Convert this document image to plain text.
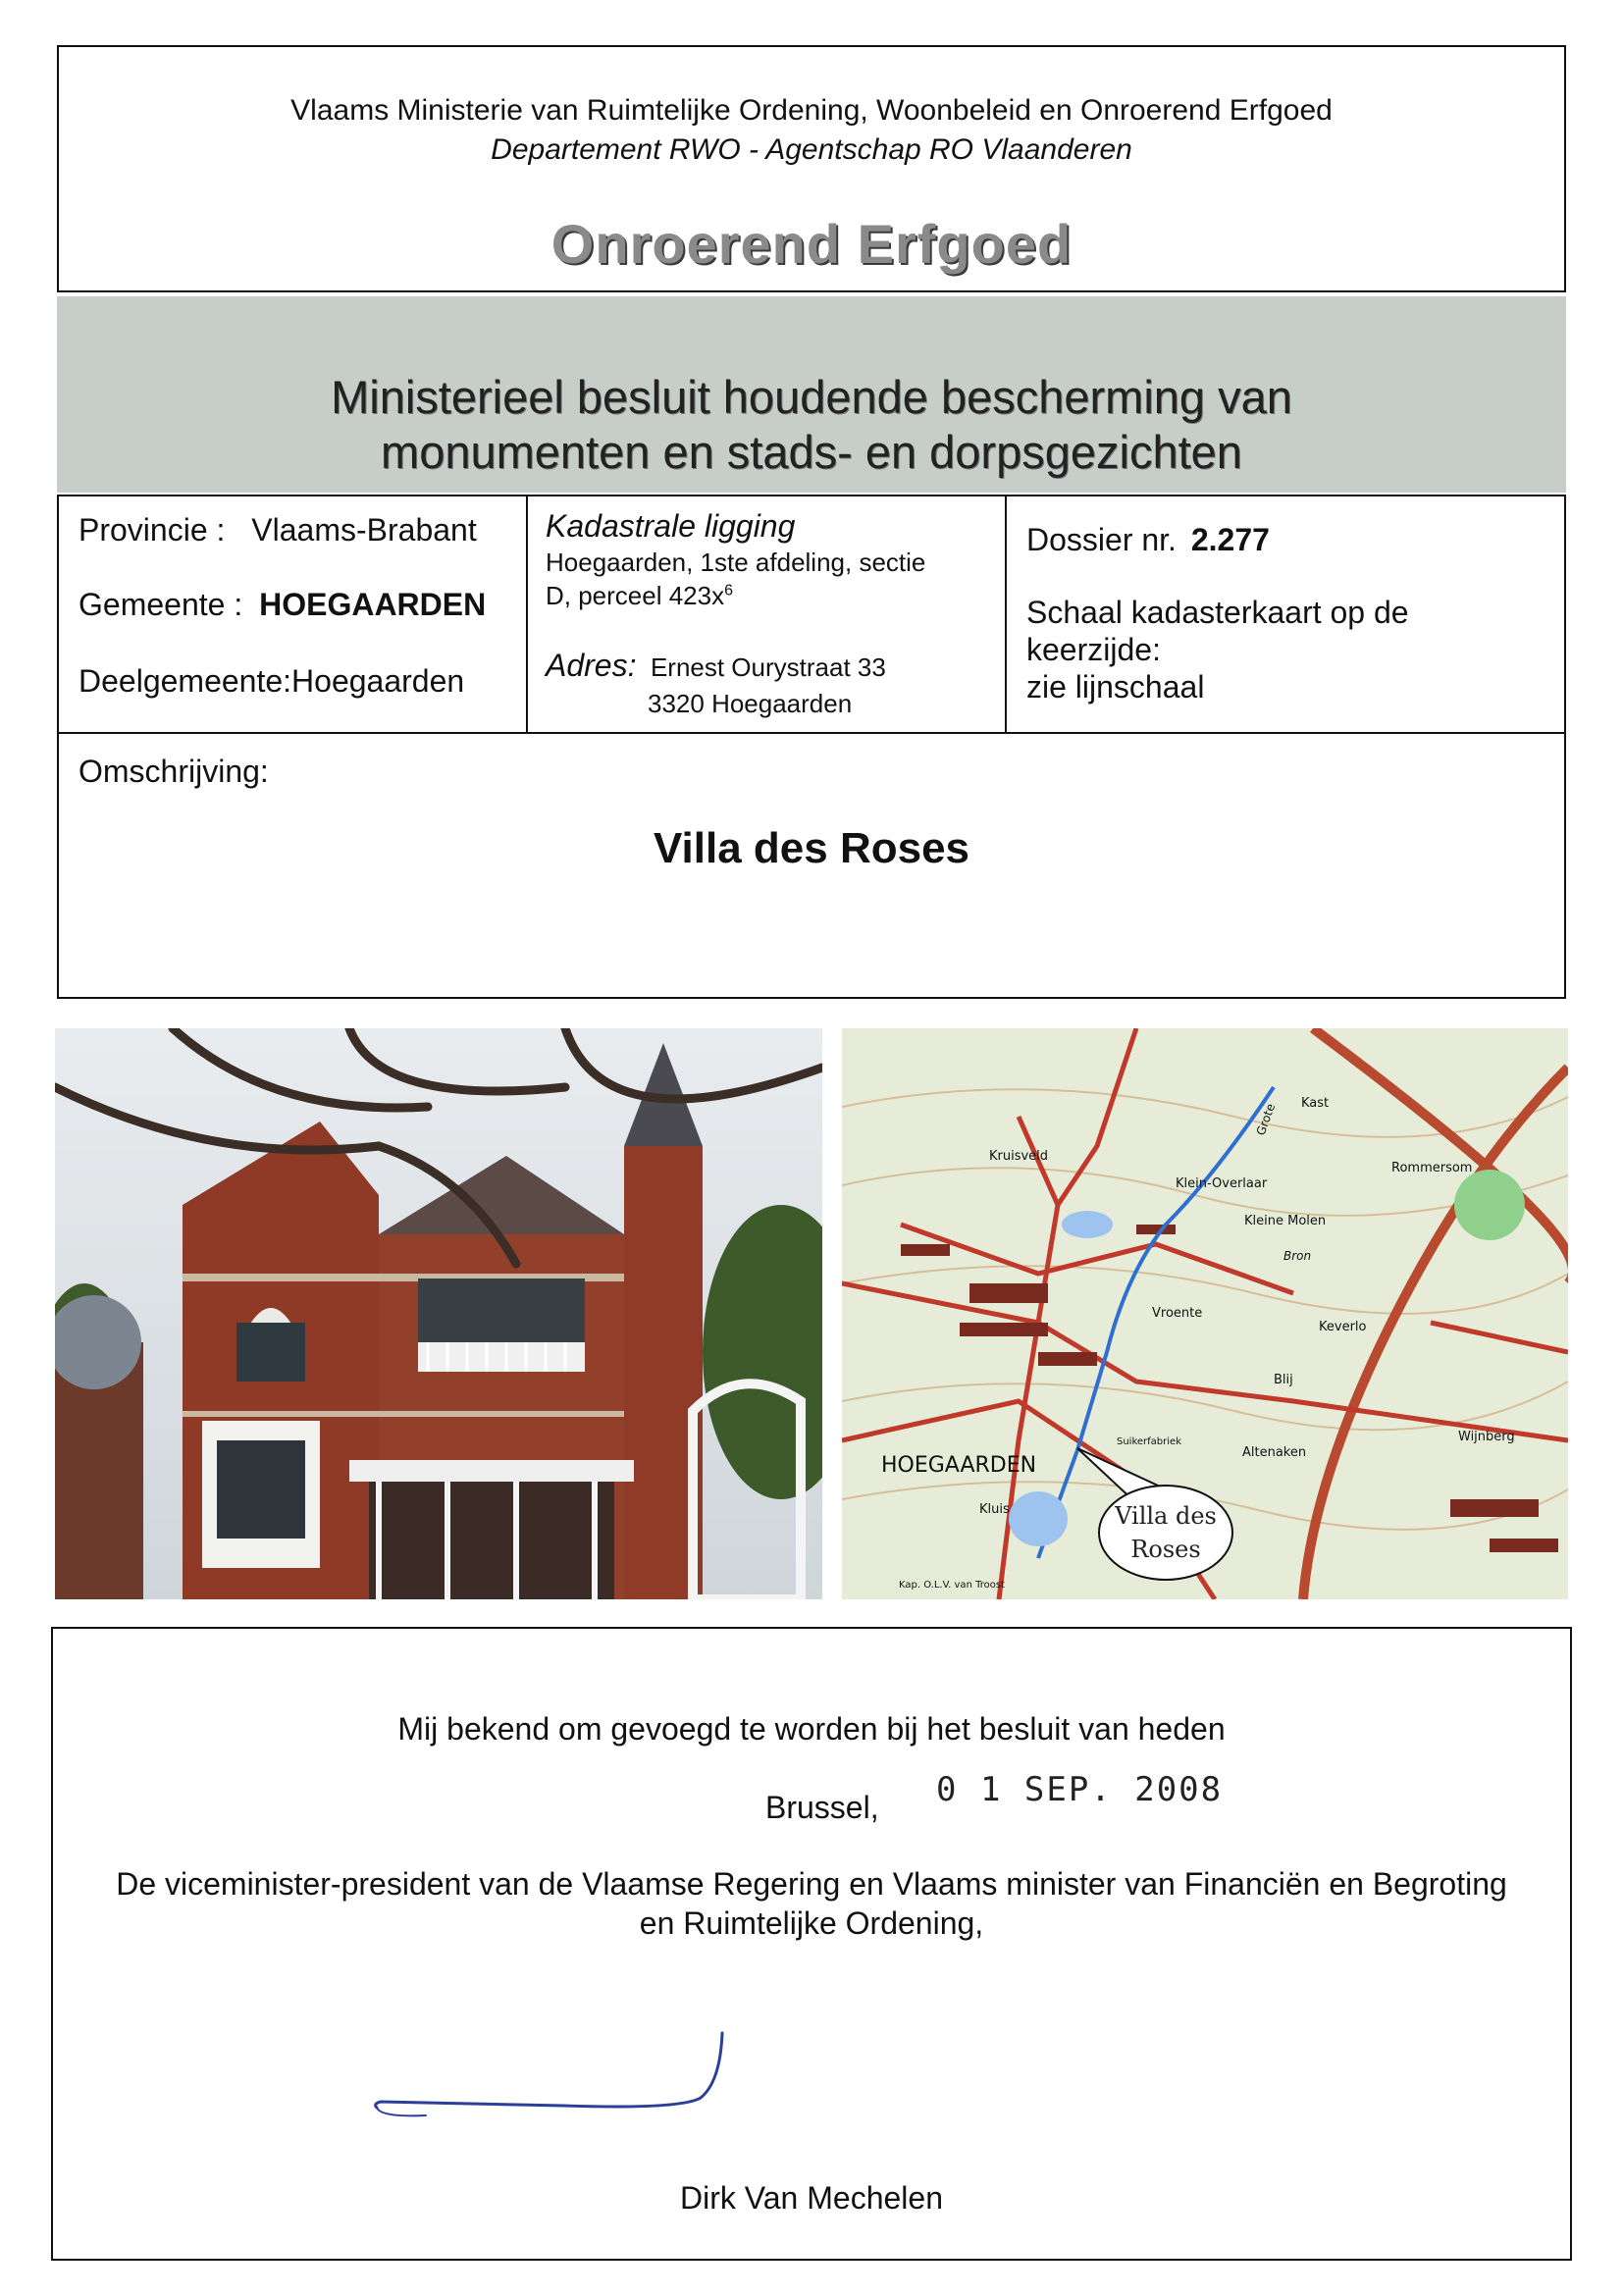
Vlaams Ministerie van Ruimtelijke Ordening, Woonbeleid en Onroerend Erfgoed
Departement RWO - Agentschap RO Vlaanderen
Onroerend Erfgoed
Ministerieel besluit houdende bescherming van
monumenten en stads- en dorpsgezichten
Provincie : Vlaams-Brabant
Gemeente : HOEGAARDEN
Deelgemeente:Hoegaarden
Kadastrale ligging
Hoegaarden, 1ste afdeling, sectie
D, perceel $423x^6$
Adres: Ernest Ourystraat 33
3320 Hoegaarden
Dossier nr. 2.277
Schaal kadasterkaart op de
keerzijde:
zie lijnschaal
Omschrijving:
Villa des Roses
Kruisveld
Klein-Overlaar
Rommersom
Kleine Molen
Vroente
Keverlo
Blij
Altenaken
Wijnberg
HOEGAARDEN
Kluis
Kast
Suikerfabriek
Kap. O.L.V. van Troost
Grote
Bron
Villa des
Roses
Mij bekend om gevoegd te worden bij het besluit van heden
Brussel, 0 1 SEP. 2008
De viceminister-president van de Vlaamse Regering en Vlaams minister van Financiën en Begroting
en Ruimtelijke Ordening,
Dirk Van Mechelen
